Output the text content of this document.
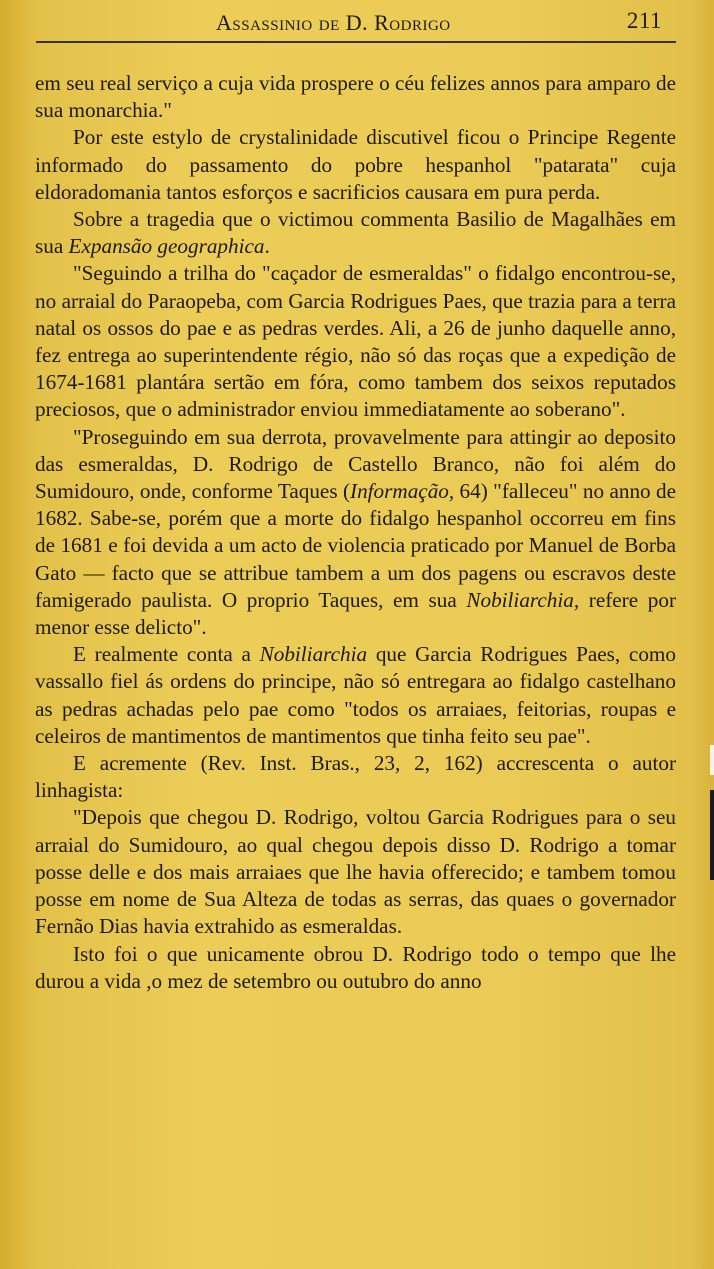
Assassinio de D. Rodrigo	211

em seu real serviço a cuja vida prospere o céu felizes annos para amparo de sua monarchia."

Por este estylo de crystalinidade discutivel ficou o Principe Regente informado do passamento do pobre hespanhol "patarata" cuja eldoradomania tantos esforços e sacrificios causara em pura perda.

Sobre a tragedia que o victimou commenta Basilio de Magalhães em sua Expansão geographica.

"Seguindo a trilha do "caçador de esmeraldas" o fidalgo encontrou-se, no arraial do Paraopeba, com Garcia Rodrigues Paes, que trazia para a terra natal os ossos do pae e as pedras verdes. Ali, a 26 de junho daquelle anno, fez entrega ao superintendente régio, não só das roças que a expedição de 1674-1681 plantára sertão em fóra, como tambem dos seixos reputados preciosos, que o administrador enviou immediatamente ao soberano".

"Proseguindo em sua derrota, provavelmente para attingir ao deposito das esmeraldas, D. Rodrigo de Castello Branco, não foi além do Sumidouro, onde, conforme Taques (Informação, 64) "falleceu" no anno de 1682. Sabe-se, porém que a morte do fidalgo hespanhol occorreu em fins de 1681 e foi devida a um acto de violencia praticado por Manuel de Borba Gato — facto que se attribue tambem a um dos pagens ou escravos deste famigerado paulista. O proprio Taques, em sua Nobiliarchia, refere por menor esse delicto".

E realmente conta a Nobiliarchia que Garcia Rodrigues Paes, como vassallo fiel ás ordens do principe, não só entregara ao fidalgo castelhano as pedras achadas pelo pae como "todos os arraiaes, feitorias, roupas e celeiros de mantimentos de mantimentos que tinha feito seu pae".

E acremente (Rev. Inst. Bras., 23, 2, 162) accrescenta o autor linhagista:

"Depois que chegou D. Rodrigo, voltou Garcia Rodrigues para o seu arraial do Sumidouro, ao qual chegou depois disso D. Rodrigo a tomar posse delle e dos mais arraiaes que lhe havia offerecido; e tambem tomou posse em nome de Sua Alteza de todas as serras, das quaes o governador Fernão Dias havia extrahido as esmeraldas.

Isto foi o que unicamente obrou D. Rodrigo todo o tempo que lhe durou a vida ,o mez de setembro ou outubro do anno
